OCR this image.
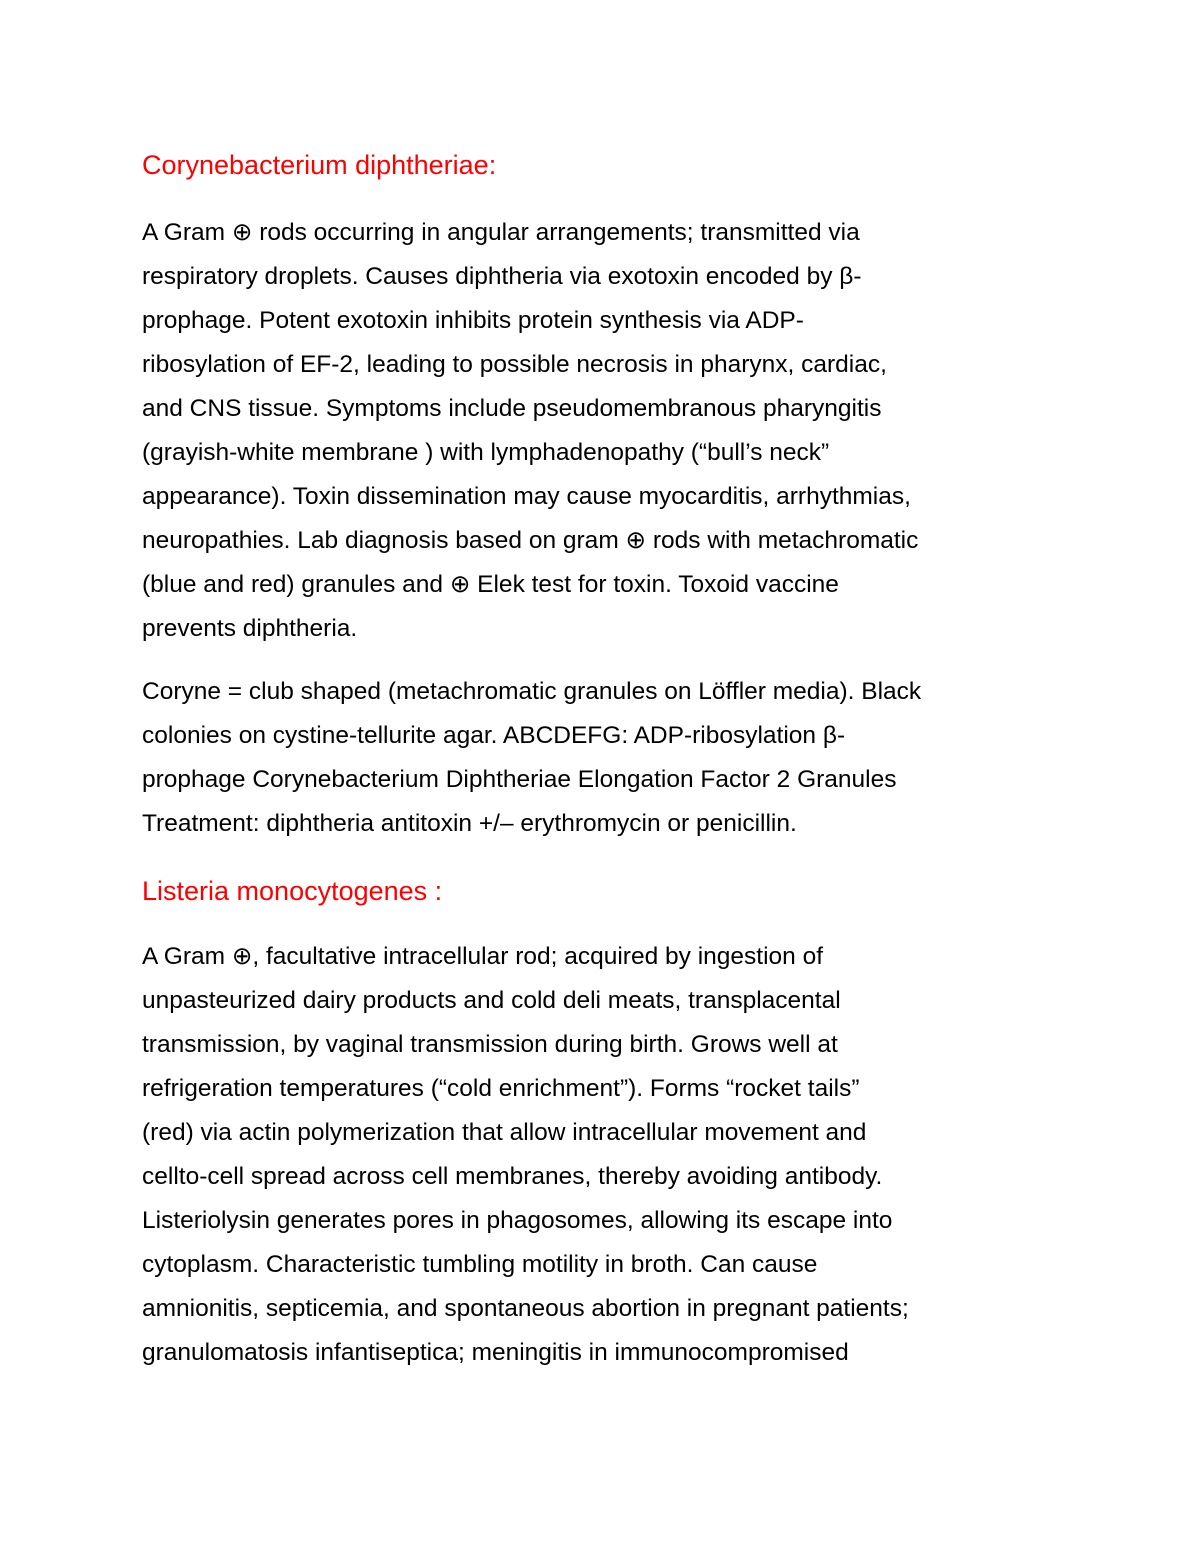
Corynebacterium diphtheriae:
A Gram ⊕ rods occurring in angular arrangements; transmitted via
respiratory droplets. Causes diphtheria via exotoxin encoded by β-
prophage. Potent exotoxin inhibits protein synthesis via ADP-
ribosylation of EF-2, leading to possible necrosis in pharynx, cardiac,
and CNS tissue. Symptoms include pseudomembranous pharyngitis
(grayish-white membrane ) with lymphadenopathy (“bull’s neck”
appearance). Toxin dissemination may cause myocarditis, arrhythmias,
neuropathies. Lab diagnosis based on gram ⊕ rods with metachromatic
(blue and red) granules and ⊕ Elek test for toxin. Toxoid vaccine
prevents diphtheria.
Coryne = club shaped (metachromatic granules on Löffler media). Black
colonies on cystine-tellurite agar. ABCDEFG: ADP-ribosylation β-
prophage Corynebacterium Diphtheriae Elongation Factor 2 Granules
Treatment: diphtheria antitoxin +/– erythromycin or penicillin.
Listeria monocytogenes :
A Gram ⊕, facultative intracellular rod; acquired by ingestion of
unpasteurized dairy products and cold deli meats, transplacental
transmission, by vaginal transmission during birth. Grows well at
refrigeration temperatures (“cold enrichment”). Forms “rocket tails”
(red) via actin polymerization that allow intracellular movement and
cellto-cell spread across cell membranes, thereby avoiding antibody.
Listeriolysin generates pores in phagosomes, allowing its escape into
cytoplasm. Characteristic tumbling motility in broth. Can cause
amnionitis, septicemia, and spontaneous abortion in pregnant patients;
granulomatosis infantiseptica; meningitis in immunocompromised
